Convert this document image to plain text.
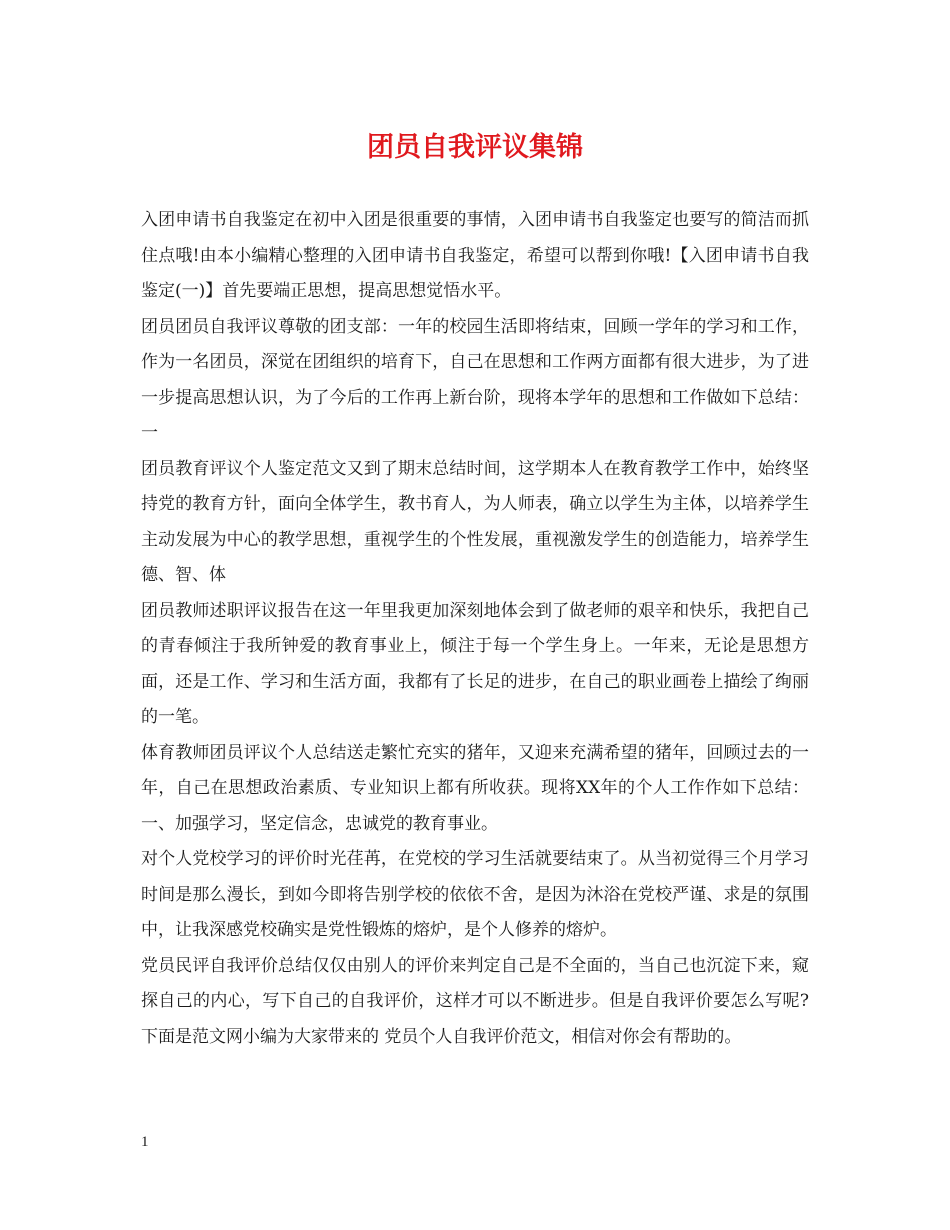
团员自我评议集锦

入团申请书自我鉴定在初中入团是很重要的事情，入团申请书自我鉴定也要写的简洁而抓住点哦!由本小编精心整理的入团申请书自我鉴定，希望可以帮到你哦!【入团申请书自我鉴定(一)】首先要端正思想，提高思想觉悟水平。

团员团员自我评议尊敬的团支部：一年的校园生活即将结束，回顾一学年的学习和工作，作为一名团员，深觉在团组织的培育下，自己在思想和工作两方面都有很大进步，为了进一步提高思想认识，为了今后的工作再上新台阶，现将本学年的思想和工作做如下总结：一

团员教育评议个人鉴定范文又到了期末总结时间，这学期本人在教育教学工作中，始终坚持党的教育方针，面向全体学生，教书育人，为人师表，确立以学生为主体，以培养学生主动发展为中心的教学思想，重视学生的个性发展，重视激发学生的创造能力，培养学生德、智、体

团员教师述职评议报告在这一年里我更加深刻地体会到了做老师的艰辛和快乐，我把自己的青春倾注于我所钟爱的教育事业上，倾注于每一个学生身上。一年来，无论是思想方面，还是工作、学习和生活方面，我都有了长足的进步，在自己的职业画卷上描绘了绚丽的一笔。

体育教师团员评议个人总结送走繁忙充实的猪年，又迎来充满希望的猪年，回顾过去的一年，自己在思想政治素质、专业知识上都有所收获。现将XX年的个人工作作如下总结：一、加强学习，坚定信念，忠诚党的教育事业。

对个人党校学习的评价时光荏苒，在党校的学习生活就要结束了。从当初觉得三个月学习时间是那么漫长，到如今即将告别学校的依依不舍，是因为沐浴在党校严谨、求是的氛围中，让我深感党校确实是党性锻炼的熔炉，是个人修养的熔炉。

党员民评自我评价总结仅仅由别人的评价来判定自己是不全面的，当自己也沉淀下来，窥探自己的内心，写下自己的自我评价，这样才可以不断进步。但是自我评价要怎么写呢?下面是范文网小编为大家带来的 党员个人自我评价范文，相信对你会有帮助的。

1
